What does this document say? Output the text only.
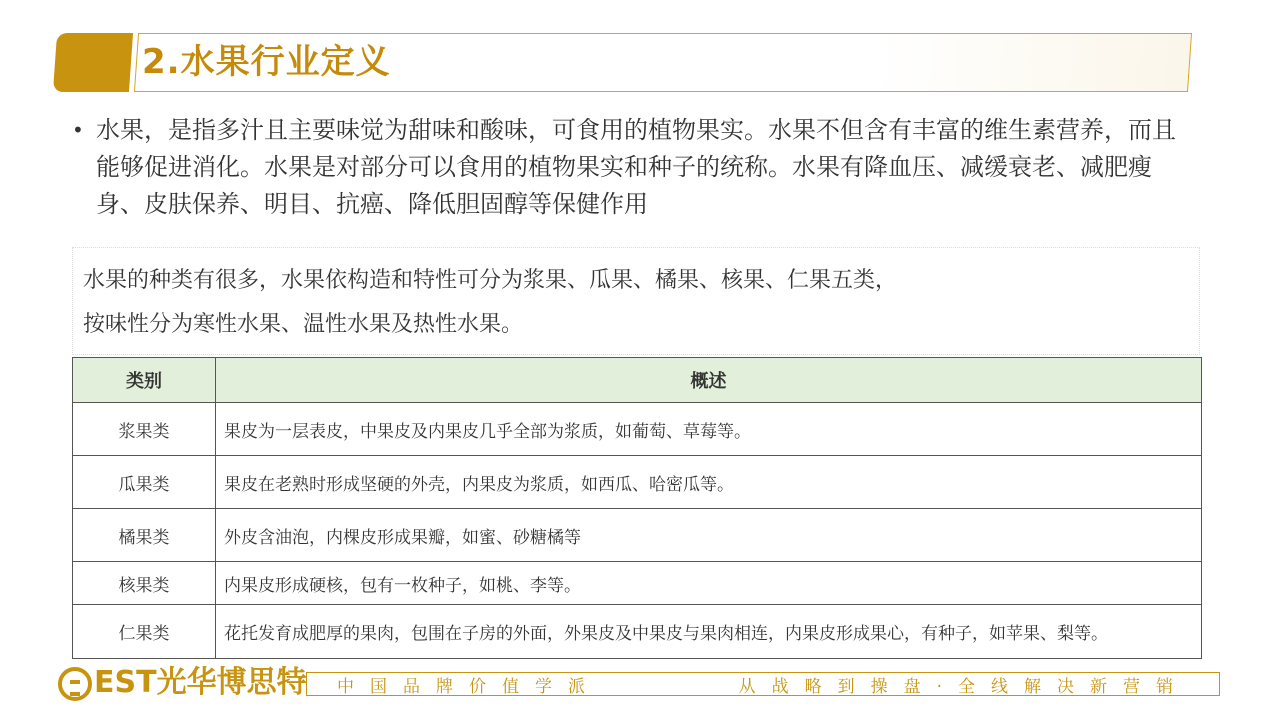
2.水果行业定义
• 水果，是指多汁且主要味觉为甜味和酸味，可食用的植物果实。水果不但含有丰富的维生素营养，而且能够促进消化。水果是对部分可以食用的植物果实和种子的统称。水果有降血压、减缓衰老、减肥瘦身、皮肤保养、明目、抗癌、降低胆固醇等保健作用
水果的种类有很多，水果依构造和特性可分为浆果、瓜果、橘果、核果、仁果五类，
按味性分为寒性水果、温性水果及热性水果。
类别	概述
浆果类	果皮为一层表皮，中果皮及内果皮几乎全部为浆质，如葡萄、草莓等。
瓜果类	果皮在老熟时形成坚硬的外壳，内果皮为浆质，如西瓜、哈密瓜等。
橘果类	外皮含油泡，内棵皮形成果瓣，如蜜、砂糖橘等
核果类	内果皮形成硬核，包有一枚种子，如桃、李等。
仁果类	花托发育成肥厚的果肉，包围在子房的外面，外果皮及中果皮与果肉相连，内果皮形成果心，有种子，如苹果、梨等。
EST光华博思特 中国品牌价值学派	从战略到操盘·全线解决新营销
